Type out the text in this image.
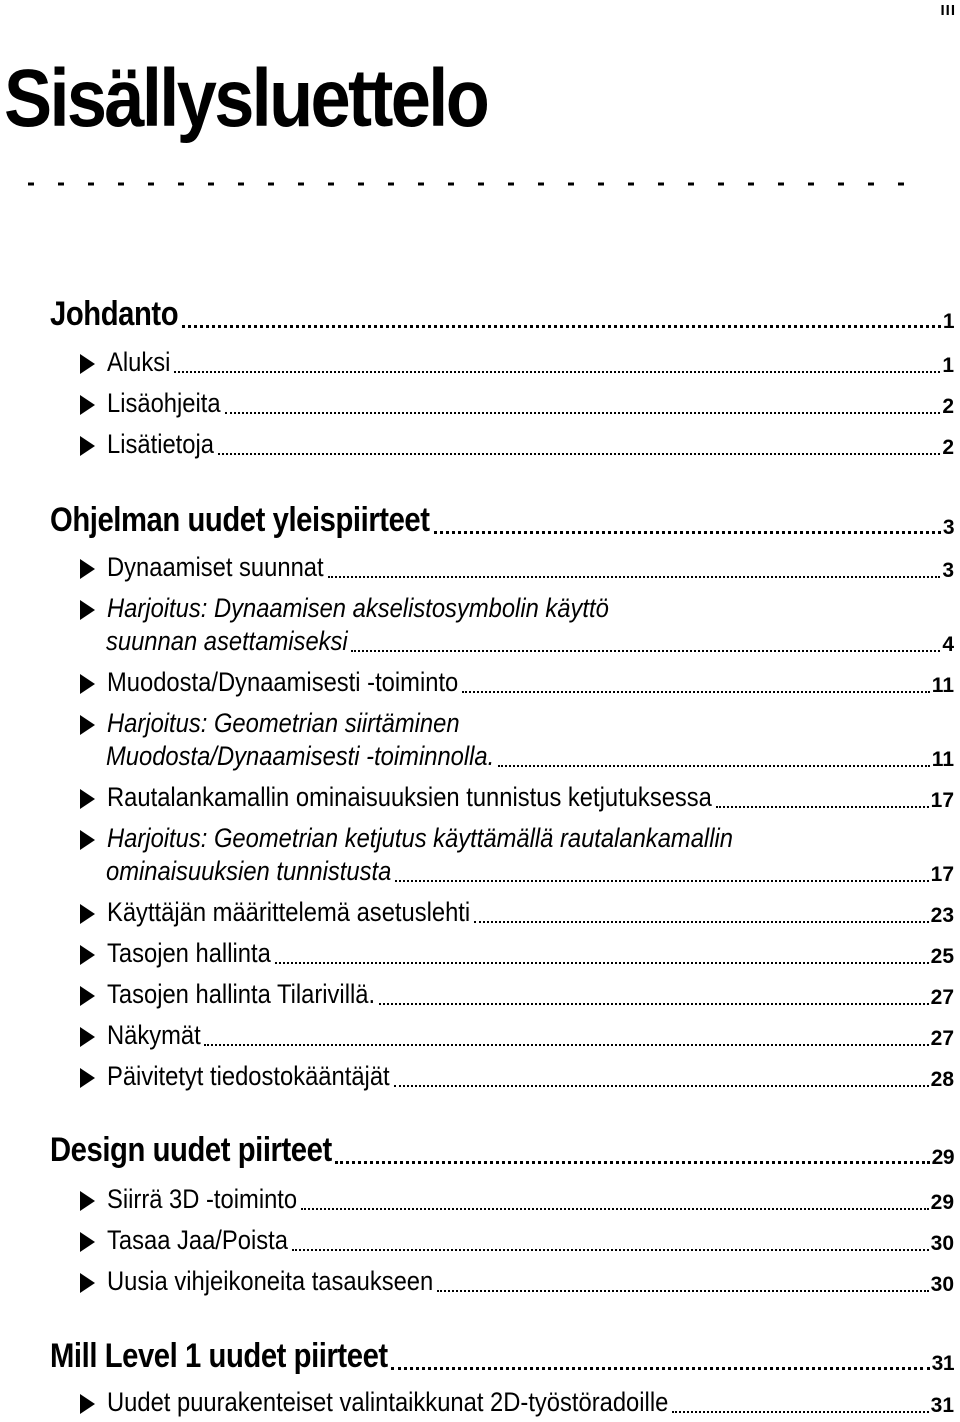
III
Sisällysluettelo
Johdanto	1
Aluksi	1
Lisäohjeita	2
Lisätietoja	2
Ohjelman uudet yleispiirteet	3
Dynaamiset suunnat	3
Harjoitus: Dynaamisen akselistosymbolin käyttö
suunnan asettamiseksi	4
Muodosta/Dynaamisesti -toiminto	11
Harjoitus: Geometrian siirtäminen
Muodosta/Dynaamisesti -toiminnolla.	11
Rautalankamallin ominaisuuksien tunnistus ketjutuksessa	17
Harjoitus: Geometrian ketjutus käyttämällä rautalankamallin
ominaisuuksien tunnistusta	17
Käyttäjän määrittelemä asetuslehti	23
Tasojen hallinta	25
Tasojen hallinta Tilarivillä.	27
Näkymät	27
Päivitetyt tiedostokääntäjät	28
Design uudet piirteet	29
Siirrä 3D -toiminto	29
Tasaa Jaa/Poista	30
Uusia vihjeikoneita tasaukseen	30
Mill Level 1 uudet piirteet	31
Uudet puurakenteiset valintaikkunat 2D-työstöradoille	31
